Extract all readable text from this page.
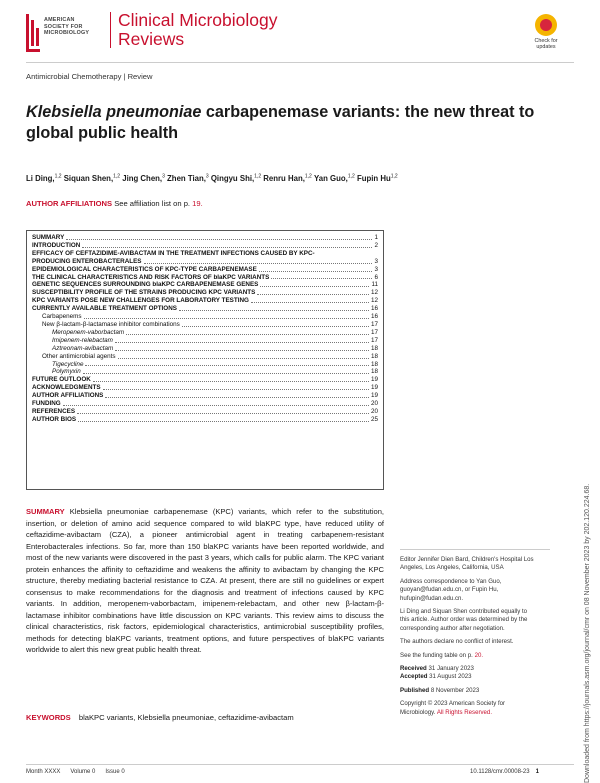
AMERICAN
SOCIETY FOR
MICROBIOLOGY
Clinical Microbiology
Reviews	Check for
updates
Antimicrobial Chemotherapy | Review
Klebsiella pneumoniae carbapenemase variants: the new threat to global public health
Li Ding,$^{1,2}$ Siquan Shen,$^{1,2}$ Jing Chen,$^3$ Zhen Tian,$^3$ Qingyu Shi,$^{1,2}$ Renru Han,$^{1,2}$ Yan Guo,$^{1,2}$ Fupin Hu$^{1,2}$
AUTHOR AFFILIATIONS See affiliation list on p. 19.
SUMMARY	1
INTRODUCTION	2
EFFICACY OF CEFTAZIDIME-AVIBACTAM IN THE TREATMENT INFECTIONS CAUSED BY KPC-
PRODUCING ENTEROBACTERALES	3
EPIDEMIOLOGICAL CHARACTERISTICS OF KPC-TYPE CARBAPENEMASE	3
THE CLINICAL CHARACTERISTICS AND RISK FACTORS OF blaKPC VARIANTS	6
GENETIC SEQUENCES SURROUNDING blaKPC CARBAPENEMASE GENES	11
SUSCEPTIBILITY PROFILE OF THE STRAINS PRODUCING KPC VARIANTS	12
KPC VARIANTS POSE NEW CHALLENGES FOR LABORATORY TESTING	12
CURRENTLY AVAILABLE TREATMENT OPTIONS	16
Carbapenems	16
New β-lactam-β-lactamase inhibitor combinations	17
Meropenem-vaborbactam	17
Imipenem-relebactam	17
Aztreonam-avibactam	18
Other antimicrobial agents	18
Tigecycline	18
Polymyxin	18
FUTURE OUTLOOK	19
ACKNOWLEDGMENTS	19
AUTHOR AFFILIATIONS	19
FUNDING	20
REFERENCES	20
AUTHOR BIOS	25
SUMMARY Klebsiella pneumoniae carbapenemase (KPC) variants, which refer to the substitution, insertion, or deletion of amino acid sequence compared to wild blaKPC type, have reduced utility of ceftazidime-avibactam (CZA), a pioneer antimicrobial agent in treating carbapenem-resistant Enterobacterales infections. So far, more than 150 blaKPC variants have been reported worldwide, and most of the new variants were discovered in the past 3 years, which calls for public alarm. The KPC variant protein enhances the affinity to ceftazidime and weakens the affinity to avibactam by changing the KPC structure, thereby mediating bacterial resistance to CZA. At present, there are still no guidelines or expert consensus to make recommendations for the diagnosis and treatment of infections caused by KPC variants. In addition, meropenem-vaborbactam, imipenem-relebactam, and other new β-lactam-β-lactamase inhibitor combinations have little discussion on KPC variants. This review aims to discuss the clinical characteristics, risk factors, epidemiological characteristics, antimicrobial susceptibility profiles, methods for detecting blaKPC variants, treatment options, and future perspectives of blaKPC variants worldwide to alert this new great public health threat.
KEYWORDS blaKPC variants, Klebsiella pneumoniae, ceftazidime-avibactam
Editor Jennifer Dien Bard, Children's Hospital Los
Angeles, Los Angeles, California, USA
Address correspondence to Yan Guo,
guoyan@fudan.edu.cn, or Fupin Hu,
hufupin@fudan.edu.cn.
Li Ding and Siquan Shen contributed equally to
this article. Author order was determined by the
corresponding author after negotiation.
The authors declare no conflict of interest.
See the funding table on p. 20.
Received 31 January 2023
Accepted 31 August 2023
Published 8 November 2023
Copyright © 2023 American Society for
Microbiology. All Rights Reserved.
Month XXXX Volume 0 Issue 0	10.1128/cmr.00008-23 1	Downloaded from https://journals.asm.org/journal/cmr on 08 November 2023 by 202.120.224.68.
